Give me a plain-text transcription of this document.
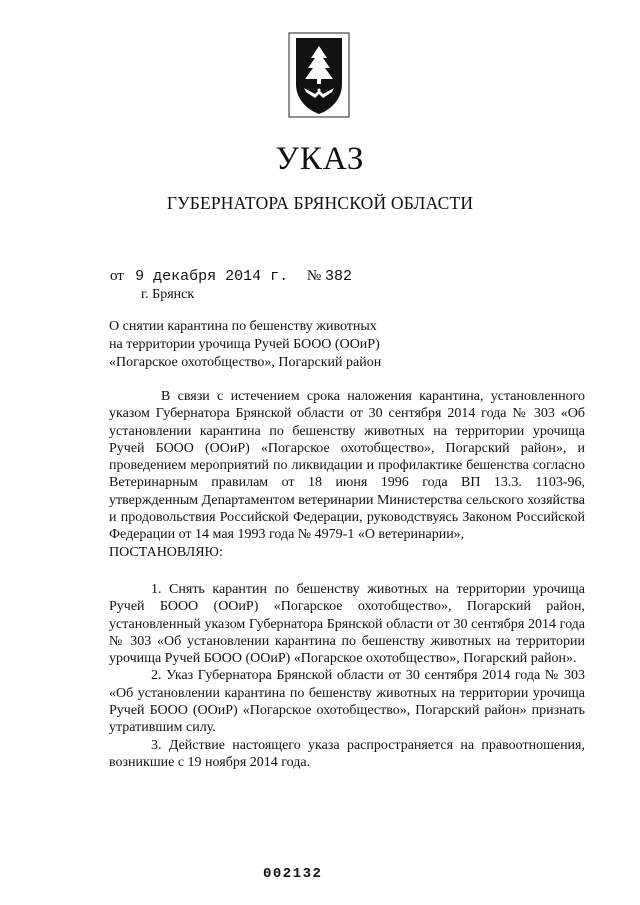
УКАЗ
ГУБЕРНАТОРА БРЯНСКОЙ ОБЛАСТИ
от 9 декабря 2014 г. № 382
г. Брянск
О снятии карантина по бешенству животных
на территории урочища Ручей БООО (ООиР)
«Погарское охотобщество», Погарский район

В связи с истечением срока наложения карантина, установленного указом Губернатора Брянской области от 30 сентября 2014 года № 303 «Об установлении карантина по бешенству животных на территории урочища Ручей БООО (ООиР) «Погарское охотобщество», Погарский район», и проведением мероприятий по ликвидации и профилактике бешенства согласно Ветеринарным правилам от 18 июня 1996 года ВП 13.3. 1103-96, утвержденным Департаментом ветеринарии Министерства сельского хозяйства и продовольствия Российской Федерации, руководствуясь Законом Российской Федерации от 14 мая 1993 года № 4979-1 «О ветеринарии»,

ПОСТАНОВЛЯЮ:

1. Снять карантин по бешенству животных на территории урочища Ручей БООО (ООиР) «Погарское охотобщество», Погарский район, установленный указом Губернатора Брянской области от 30 сентября 2014 года № 303 «Об установлении карантина по бешенству животных на территории урочища Ручей БООО (ООиР) «Погарское охотобщество», Погарский район».

2. Указ Губернатора Брянской области от 30 сентября 2014 года № 303 «Об установлении карантина по бешенству животных на территории урочища Ручей БООО (ООиР) «Погарское охотобщество», Погарский район» признать утратившим силу.

3. Действие настоящего указа распространяется на правоотношения, возникшие с 19 ноября 2014 года.

002132
